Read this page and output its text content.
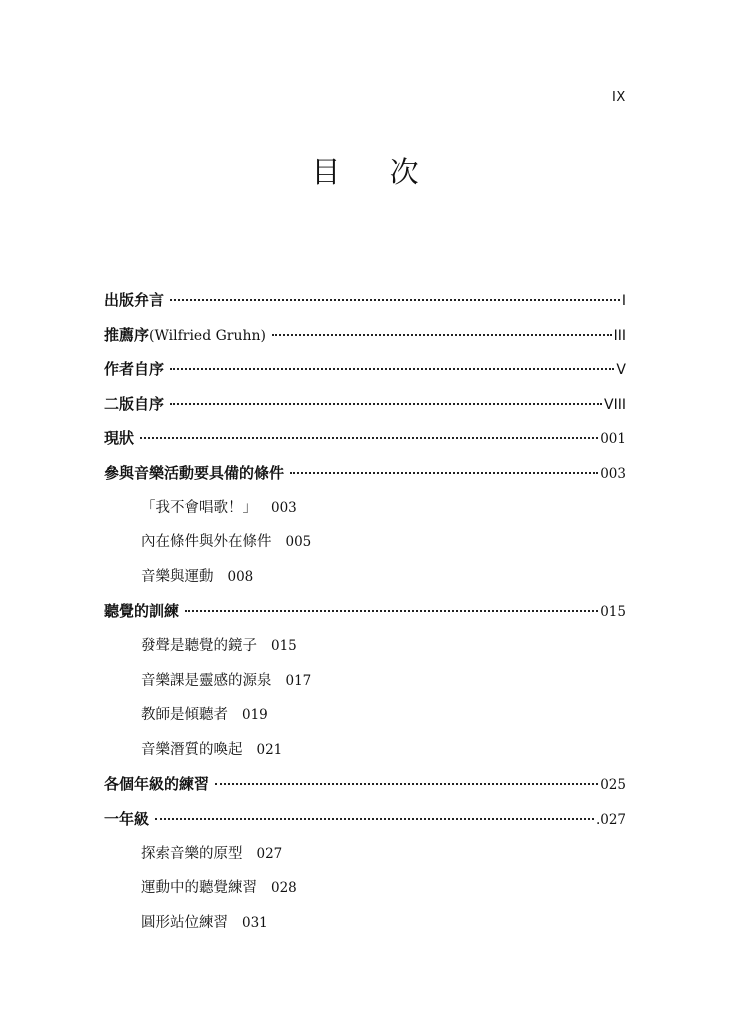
IX
目 次
出版弁言	I
推薦序 (Wilfried Gruhn)	III
作者自序	V
二版自序	VIII
現狀	001
參與音樂活動要具備的條件	003
「我不會唱歌！」 003
內在條件與外在條件 005
音樂與運動 008
聽覺的訓練	015
發聲是聽覺的鏡子 015
音樂課是靈感的源泉 017
教師是傾聽者 019
音樂潛質的喚起 021
各個年級的練習	025
一年級	.027
探索音樂的原型 027
運動中的聽覺練習 028
圓形站位練習 031
